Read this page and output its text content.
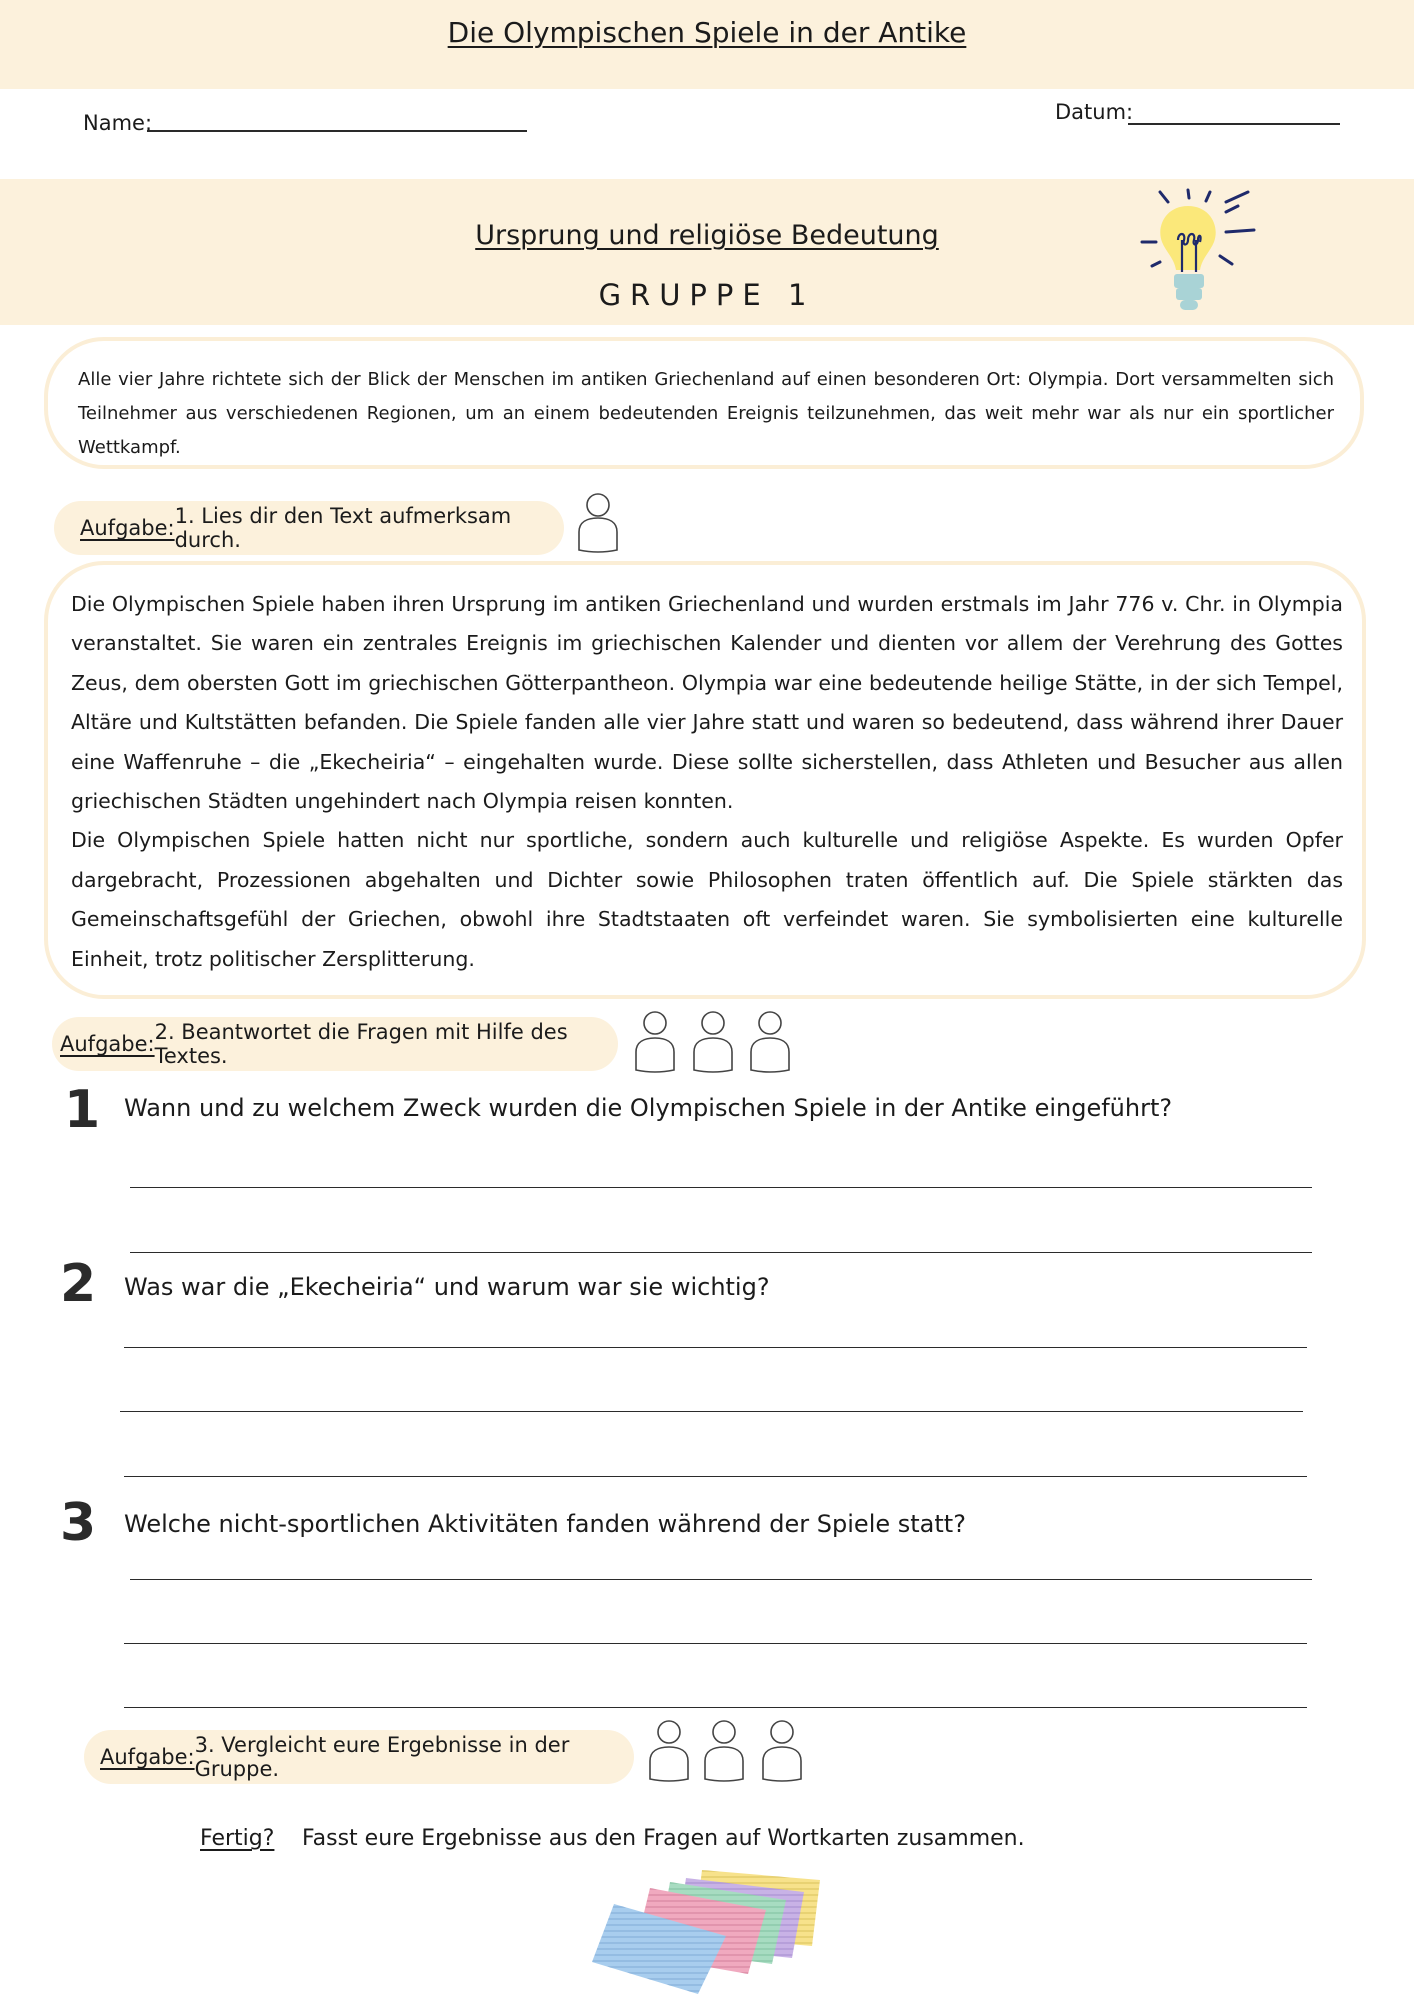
Die Olympischen Spiele in der Antike
Name:	Datum:
Ursprung und religiöse Bedeutung
GRUPPE 1
Alle vier Jahre richtete sich der Blick der Menschen im antiken Griechenland auf einen besonderen Ort: Olympia. Dort versammelten sich Teilnehmer aus verschiedenen Regionen, um an einem bedeutenden Ereignis teilzunehmen, das weit mehr war als nur ein sportlicher Wettkampf.
Aufgabe: 1. Lies dir den Text aufmerksam durch.
Die Olympischen Spiele haben ihren Ursprung im antiken Griechenland und wurden erstmals im Jahr 776 v. Chr. in Olympia veranstaltet. Sie waren ein zentrales Ereignis im griechischen Kalender und dienten vor allem der Verehrung des Gottes Zeus, dem obersten Gott im griechischen Götterpantheon. Olympia war eine bedeutende heilige Stätte, in der sich Tempel, Altäre und Kultstätten befanden. Die Spiele fanden alle vier Jahre statt und waren so bedeutend, dass während ihrer Dauer eine Waffenruhe – die „Ekecheiria“ – eingehalten wurde. Diese sollte sicherstellen, dass Athleten und Besucher aus allen griechischen Städten ungehindert nach Olympia reisen konnten.
Die Olympischen Spiele hatten nicht nur sportliche, sondern auch kulturelle und religiöse Aspekte. Es wurden Opfer dargebracht, Prozessionen abgehalten und Dichter sowie Philosophen traten öffentlich auf. Die Spiele stärkten das Gemeinschaftsgefühl der Griechen, obwohl ihre Stadtstaaten oft verfeindet waren. Sie symbolisierten eine kulturelle Einheit, trotz politischer Zersplitterung.
Aufgabe: 2. Beantwortet die Fragen mit Hilfe des Textes.
1 Wann und zu welchem Zweck wurden die Olympischen Spiele in der Antike eingeführt?
2 Was war die „Ekecheiria“ und warum war sie wichtig?
3 Welche nicht-sportlichen Aktivitäten fanden während der Spiele statt?
Aufgabe: 3. Vergleicht eure Ergebnisse in der Gruppe.
Fertig? Fasst eure Ergebnisse aus den Fragen auf Wortkarten zusammen.
